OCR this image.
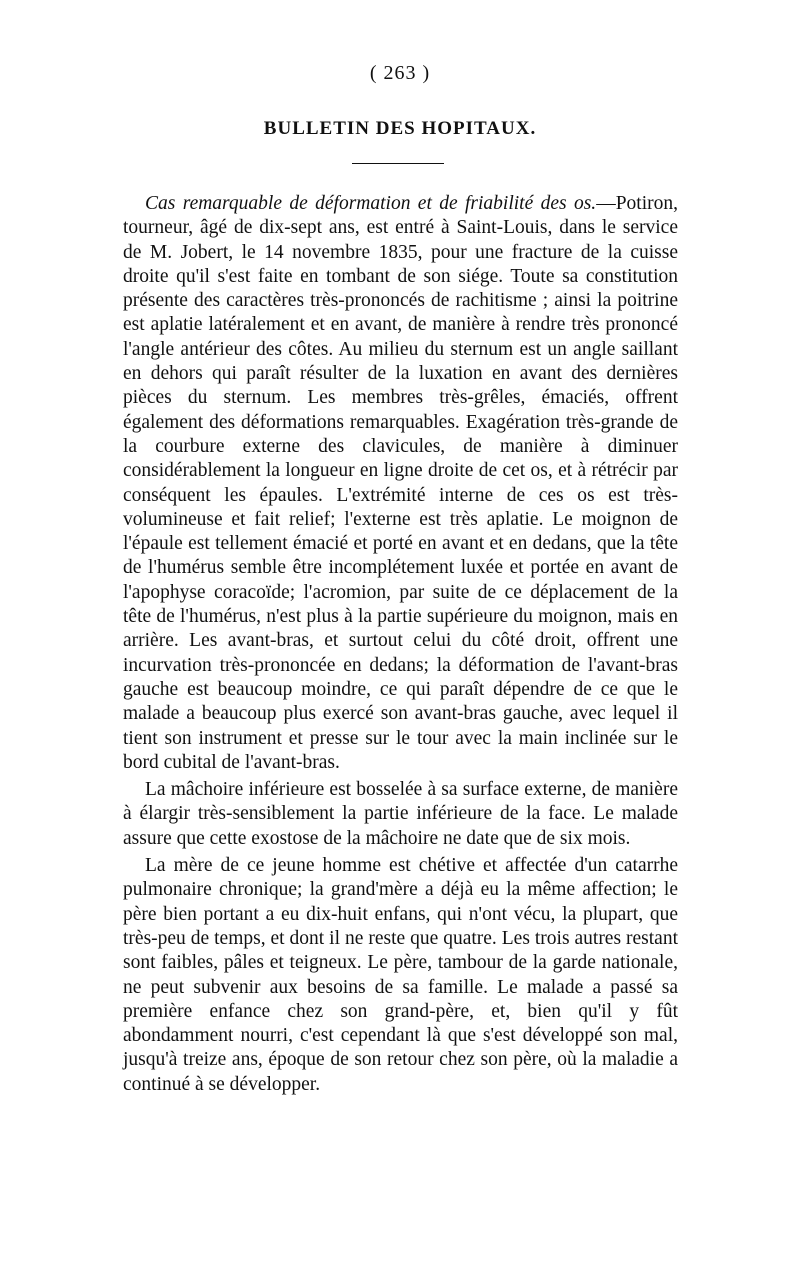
( 263 )
BULLETIN DES HOPITAUX.

Cas remarquable de déformation et de friabilité des os.—Potiron, tourneur, âgé de dix-sept ans, est entré à Saint-Louis, dans le service de M. Jobert, le 14 novembre 1835, pour une fracture de la cuisse droite qu'il s'est faite en tombant de son siége. Toute sa constitution présente des caractères très-prononcés de rachitisme ; ainsi la poitrine est aplatie latéralement et en avant, de manière à rendre très prononcé l'angle antérieur des côtes. Au milieu du sternum est un angle saillant en dehors qui paraît résulter de la luxation en avant des dernières pièces du sternum. Les membres très-grêles, émaciés, offrent également des déformations remarquables. Exagération très-grande de la courbure externe des clavicules, de manière à diminuer considérablement la longueur en ligne droite de cet os, et à rétrécir par conséquent les épaules. L'extrémité interne de ces os est très-volumineuse et fait relief; l'externe est très aplatie. Le moignon de l'épaule est tellement émacié et porté en avant et en dedans, que la tête de l'humérus semble être incomplétement luxée et portée en avant de l'apophyse coracoïde; l'acromion, par suite de ce déplacement de la tête de l'humérus, n'est plus à la partie supérieure du moignon, mais en arrière. Les avant-bras, et surtout celui du côté droit, offrent une incurvation très-prononcée en dedans; la déformation de l'avant-bras gauche est beaucoup moindre, ce qui paraît dépendre de ce que le malade a beaucoup plus exercé son avant-bras gauche, avec lequel il tient son instrument et presse sur le tour avec la main inclinée sur le bord cubital de l'avant-bras.

La mâchoire inférieure est bosselée à sa surface externe, de manière à élargir très-sensiblement la partie inférieure de la face. Le malade assure que cette exostose de la mâchoire ne date que de six mois.

La mère de ce jeune homme est chétive et affectée d'un catarrhe pulmonaire chronique; la grand'mère a déjà eu la même affection; le père bien portant a eu dix-huit enfans, qui n'ont vécu, la plupart, que très-peu de temps, et dont il ne reste que quatre. Les trois autres restant sont faibles, pâles et teigneux. Le père, tambour de la garde nationale, ne peut subvenir aux besoins de sa famille. Le malade a passé sa première enfance chez son grand-père, et, bien qu'il y fût abondamment nourri, c'est cependant là que s'est développé son mal, jusqu'à treize ans, époque de son retour chez son père, où la maladie a continué à se développer.
